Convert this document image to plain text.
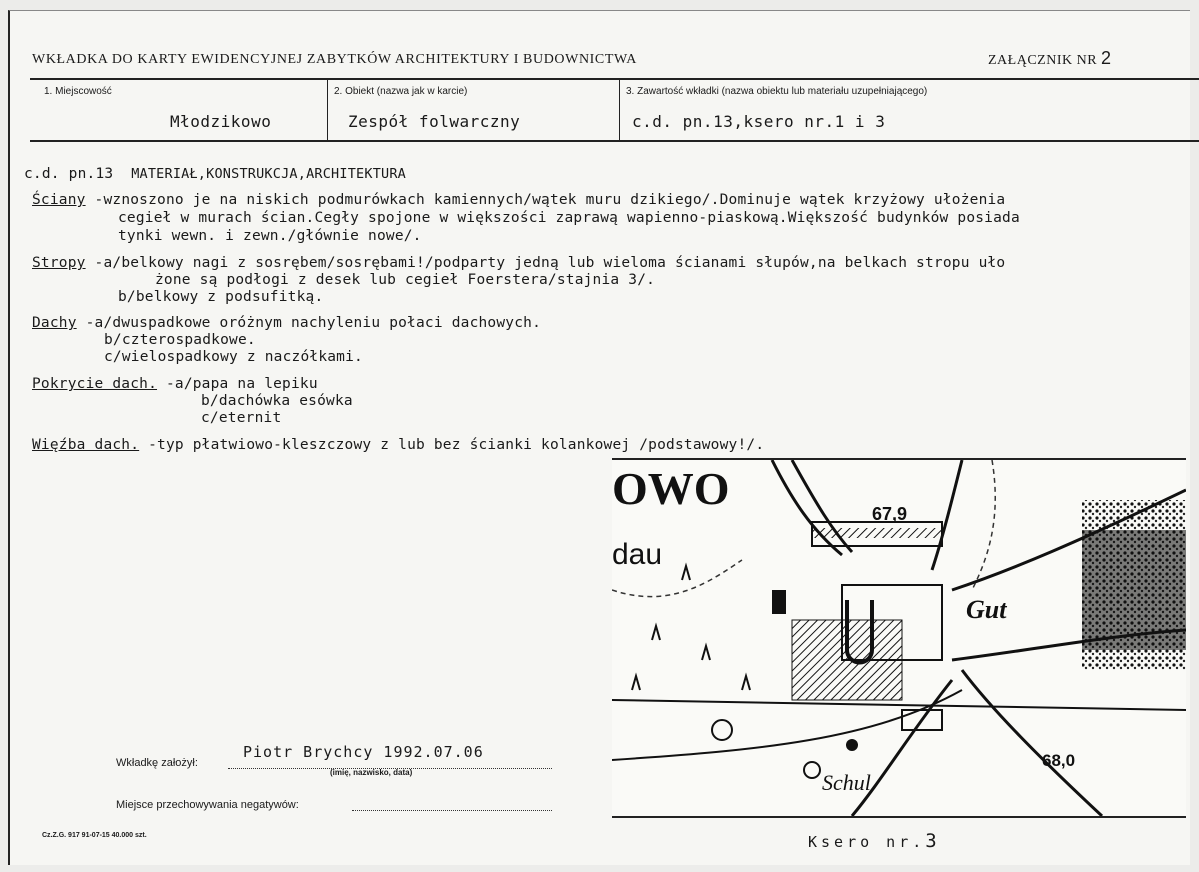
WKŁADKA DO KARTY EWIDENCYJNEJ ZABYTKÓW ARCHITEKTURY I BUDOWNICTWA	ZAŁĄCZNIK NR 2
1. Miejscowość
Młodzikowo
2. Obiekt (nazwa jak w karcie)
Zespół folwarczny
3. Zawartość wkładki (nazwa obiektu lub materiału uzupełniającego)
c.d. pn.13,ksero nr.1 i 3
c.d. pn.13 MATERIAŁ,KONSTRUKCJA,ARCHITEKTURA
Ściany -wznoszono je na niskich podmurówkach kamiennych/wątek muru dzikiego/.Dominuje wątek krzyżowy ułożenia
cegieł w murach ścian.Cegły spojone w większości zaprawą wapienno-piaskową.Większość budynków posiada
tynki wewn. i zewn./głównie nowe/.
Stropy -a/belkowy nagi z sosrębem/sosrębami!/podparty jedną lub wieloma ścianami słupów,na belkach stropu uło
żone są podłogi z desek lub cegieł Foerstera/stajnia 3/.
b/belkowy z podsufitką.
Dachy -a/dwuspadkowe oróżnym nachyleniu połaci dachowych.
b/czterospadkowe.
c/wielospadkowy z naczółkami.
Pokrycie dach. -a/papa na lepiku
b/dachówka esówka
c/eternit
Więźba dach. -typ płatwiowo-kleszczowy z lub bez ścianki kolankowej /podstawowy!/.
Wkładkę założył:
Piotr Brychcy 1992.07.06
(imię, nazwisko, data)
Miejsce przechowywania negatywów:
Cz.Z.G. 917 91-07-15 40.000 szt.
OWO
dau
67,9
Gut
68,0
Schul
Ksero nr.3
